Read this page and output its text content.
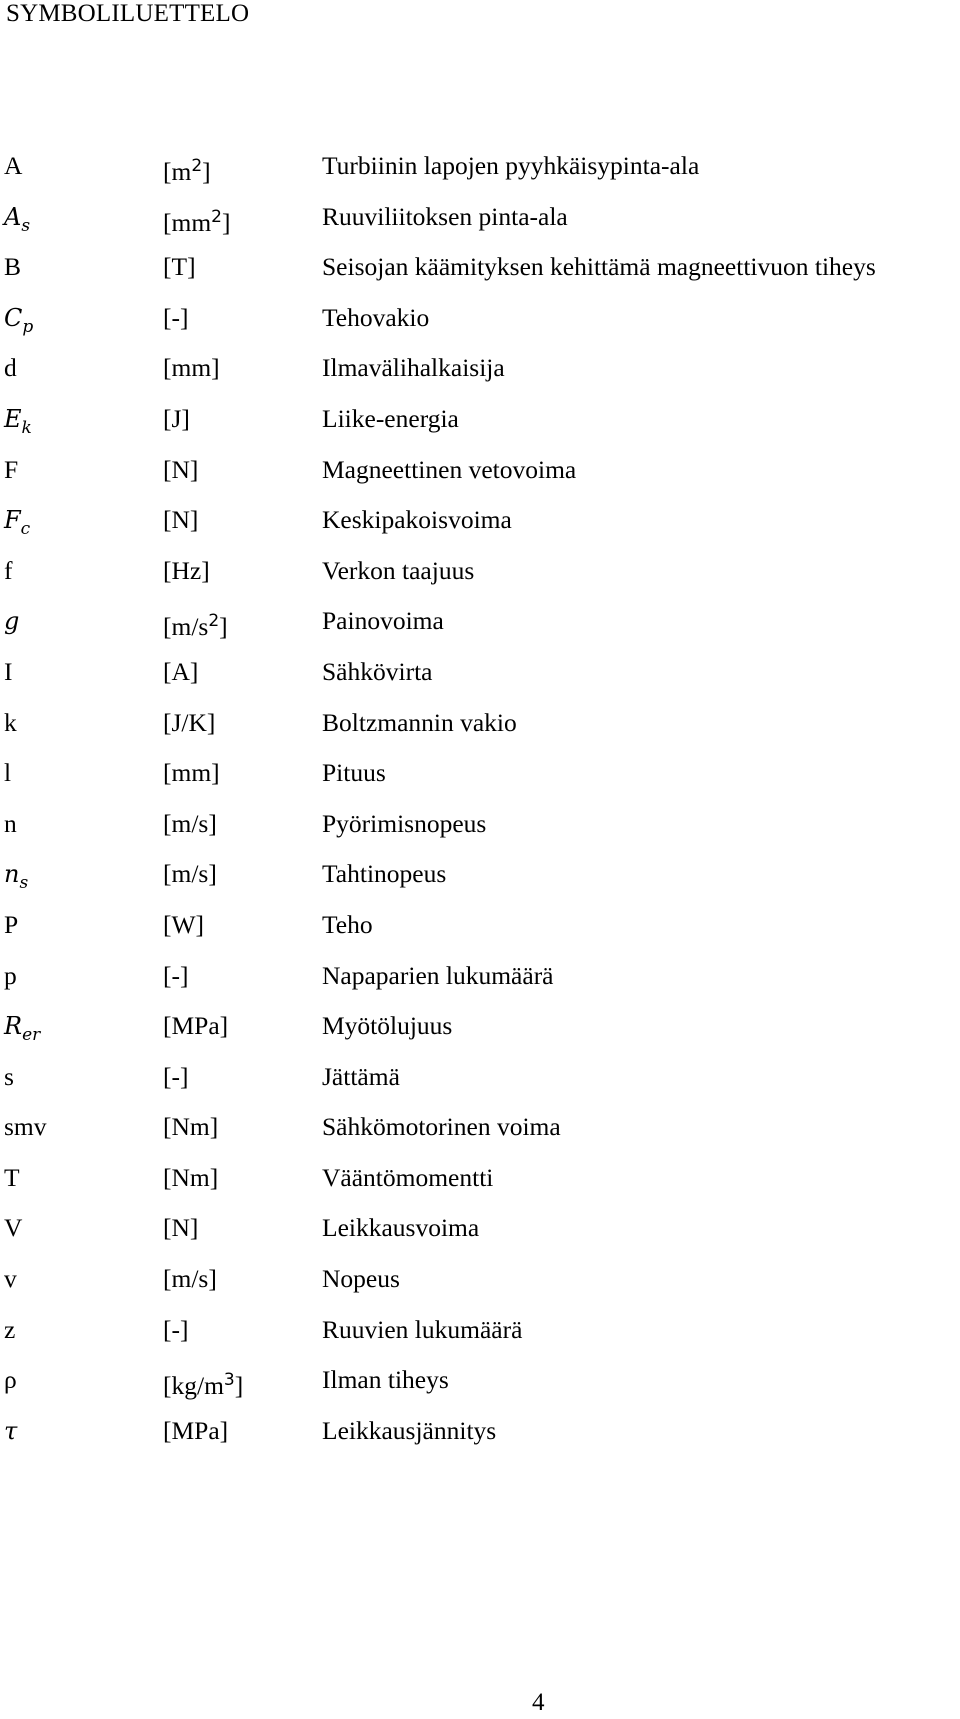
SYMBOLILUETTELO
A	$[m^2]$	Turbiinin lapojen pyyhkäisypinta-ala
$A_s$	$[mm^2]$	Ruuviliitoksen pinta-ala
B	[T]	Seisojan käämityksen kehittämä magneettivuon tiheys
$C_p$	[-]	Tehovakio
d	[mm]	Ilmavälihalkaisija
$E_k$	[J]	Liike-energia
F	[N]	Magneettinen vetovoima
$F_c$	[N]	Keskipakoisvoima
f	[Hz]	Verkon taajuus
g	$[m/s^2]$	Painovoima
I	[A]	Sähkövirta
k	[J/K]	Boltzmannin vakio
l	[mm]	Pituus
n	[m/s]	Pyörimisnopeus
$n_s$	[m/s]	Tahtinopeus
P	[W]	Teho
p	[-]	Napaparien lukumäärä
$R_{er}$	[MPa]	Myötölujuus
s	[-]	Jättämä
smv	[Nm]	Sähkömotorinen voima
T	[Nm]	Vääntömomentti
V	[N]	Leikkausvoima
v	[m/s]	Nopeus
z	[-]	Ruuvien lukumäärä
ρ	$[kg/m^3]$	Ilman tiheys
τ	[MPa]	Leikkausjännitys
4
